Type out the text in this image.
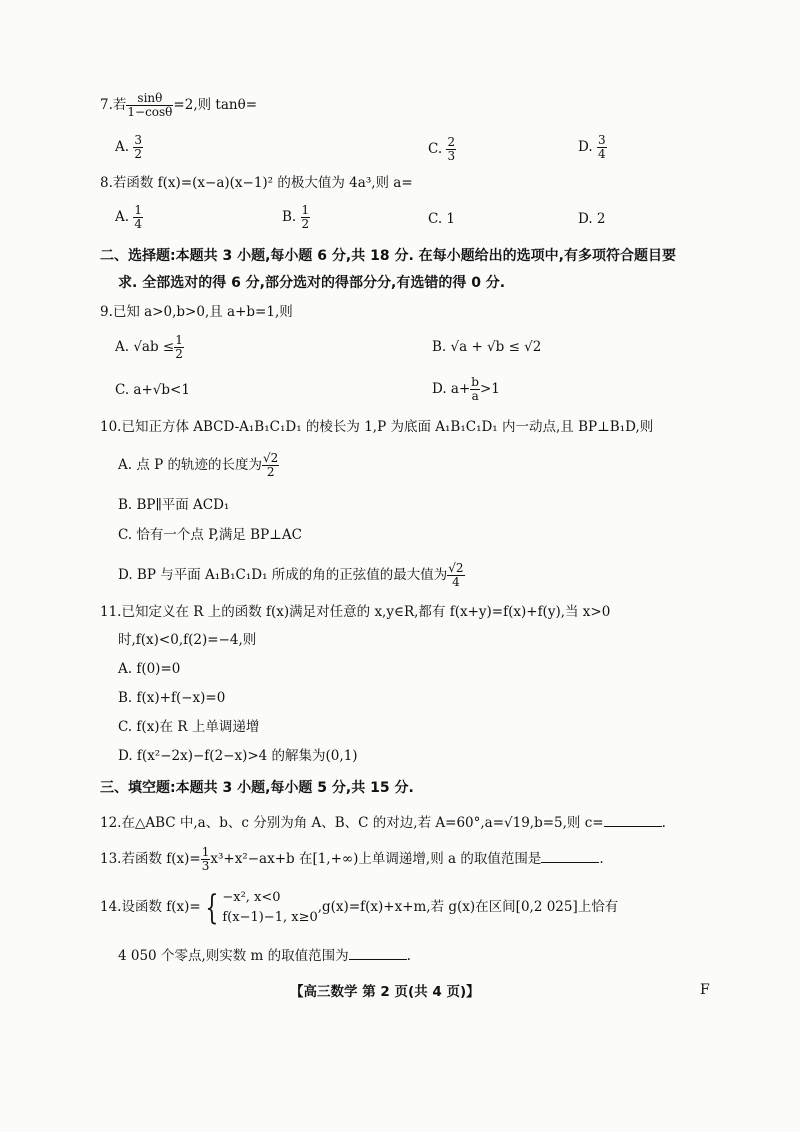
7.若 $\frac{\sin\theta}{1-\cos\theta} =2$,则 tanθ=
A. $\frac{3}{2}$	C. $\frac{2}{3}$	D. $\frac{3}{4}$
8.若函数 f(x)=(x−a)(x−1)² 的极大值为 4a³,则 a=
A. $\frac{1}{4}$	B. $\frac{1}{2}$	C. 1	D. 2
二、选择题:本题共 3 小题,每小题 6 分,共 18 分. 在每小题给出的选项中,有多项符合题目要
求. 全部选对的得 6 分,部分选对的得部分分,有选错的得 0 分.
9.已知 a>0,b>0,且 a+b=1,则
A. $√ab \le \frac{1}{2}$	B. √a + √b ≤ √2
C. a+√b<1	D. $a+ \frac{b}{a} >1$
10.已知正方体 ABCD-A₁B₁C₁D₁ 的棱长为 1,P 为底面 A₁B₁C₁D₁ 内一动点,且 BP⊥B₁D,则
A. 点 P 的轨迹的长度为 $\frac{√2}{2}$
B. BP∥平面 ACD₁
C. 恰有一个点 P,满足 BP⊥AC
D. BP 与平面 A₁B₁C₁D₁ 所成的角的正弦值的最大值为 $\frac{√2}{4}$
11.已知定义在 R 上的函数 f(x)满足对任意的 x,y∈R,都有 f(x+y)=f(x)+f(y),当 x>0
时,f(x)<0,f(2)=−4,则
A. f(0)=0
B. f(x)+f(−x)=0
C. f(x)在 R 上单调递增
D. f(x²−2x)−f(2−x)>4 的解集为(0,1)
三、填空题:本题共 3 小题,每小题 5 分,共 15 分.
12.在△ABC 中,a、b、c 分别为角 A、B、C 的对边,若 A=60°,a=√19,b=5,则 c=	.
13.若函数 $f(x)= \frac{1}{3} x^3+x^2-ax+b$ 在[1,+∞)上单调递增,则 a 的取值范围是	.
14.设函数 f(x)= { −x², x<0
f(x−1)−1, x≥0
,g(x)=f(x)+x+m,若 g(x)在区间[0,2 025]上恰有
4 050 个零点,则实数 m 的取值范围为	.
【高三数学 第 2 页(共 4 页)】	F
